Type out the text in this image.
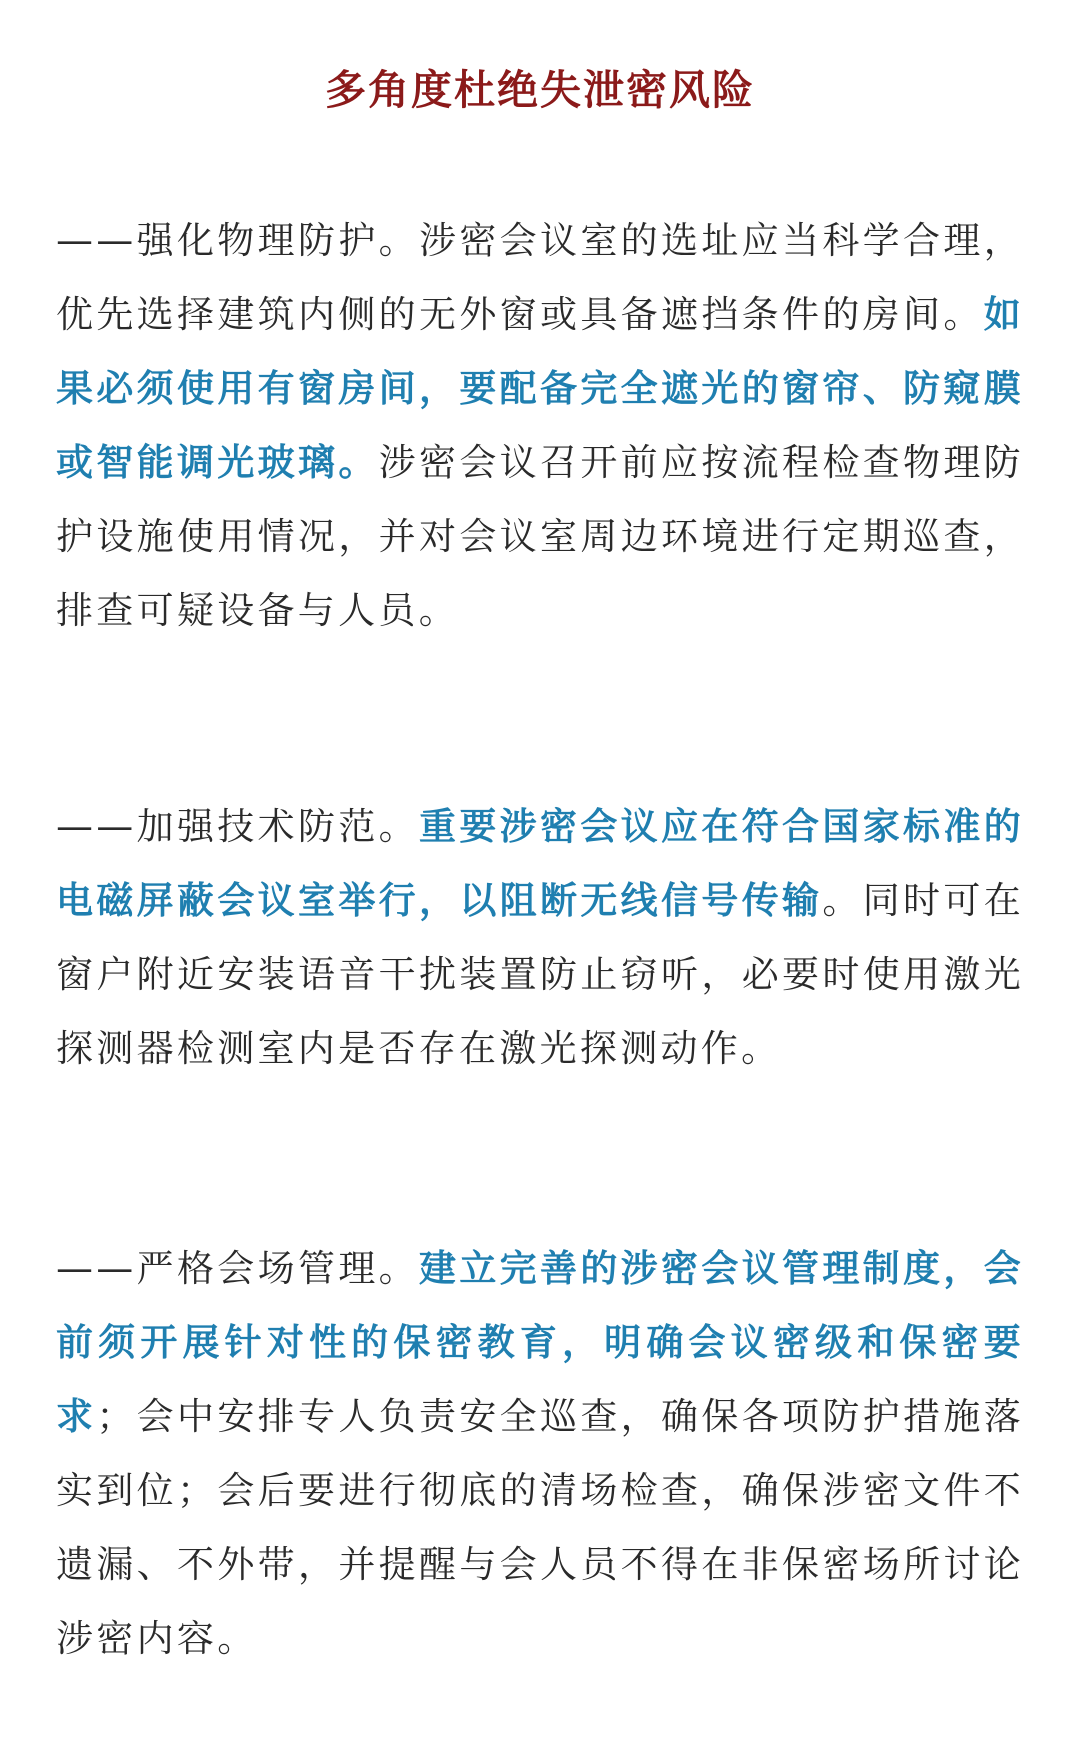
多角度杜绝失泄密风险

——强化物理防护。涉密会议室的选址应当科学合理，优先选择建筑内侧的无外窗或具备遮挡条件的房间。如果必须使用有窗房间，要配备完全遮光的窗帘、防窥膜或智能调光玻璃。涉密会议召开前应按流程检查物理防护设施使用情况，并对会议室周边环境进行定期巡查，排查可疑设备与人员。

——加强技术防范。重要涉密会议应在符合国家标准的电磁屏蔽会议室举行，以阻断无线信号传输。同时可在窗户附近安装语音干扰装置防止窃听，必要时使用激光探测器检测室内是否存在激光探测动作。

——严格会场管理。建立完善的涉密会议管理制度，会前须开展针对性的保密教育，明确会议密级和保密要求；会中安排专人负责安全巡查，确保各项防护措施落实到位；会后要进行彻底的清场检查，确保涉密文件不遗漏、不外带，并提醒与会人员不得在非保密场所讨论涉密内容。
